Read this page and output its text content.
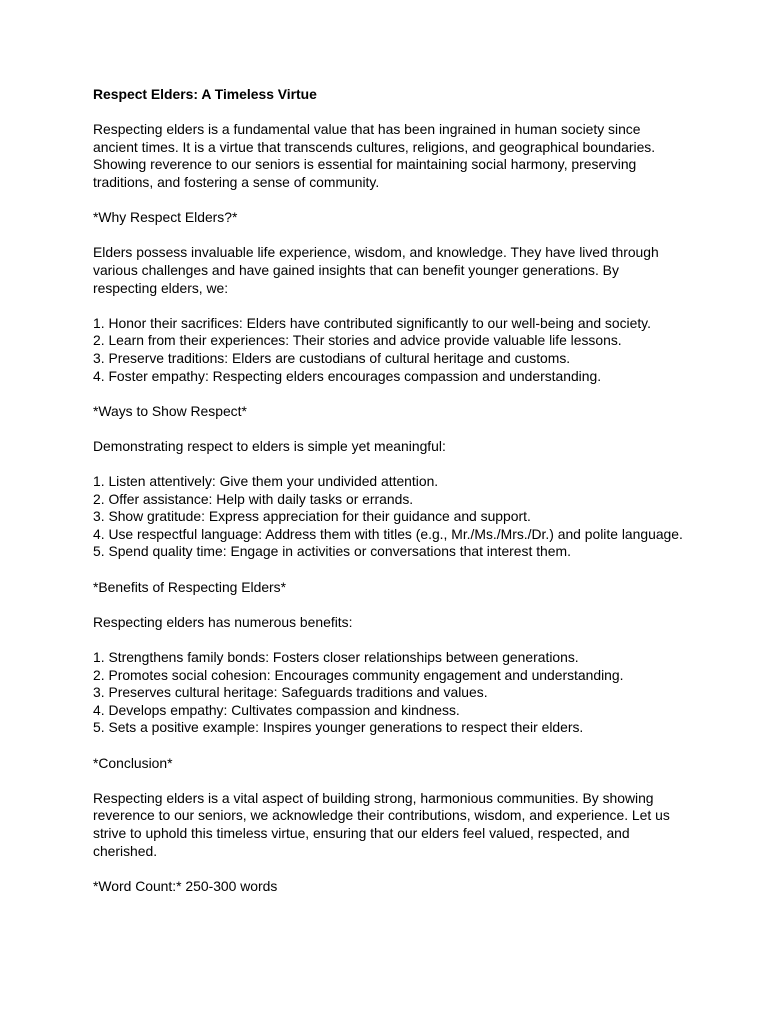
Respect Elders: A Timeless Virtue
Respecting elders is a fundamental value that has been ingrained in human society since ancient times. It is a virtue that transcends cultures, religions, and geographical boundaries. Showing reverence to our seniors is essential for maintaining social harmony, preserving traditions, and fostering a sense of community.
*Why Respect Elders?*
Elders possess invaluable life experience, wisdom, and knowledge. They have lived through various challenges and have gained insights that can benefit younger generations. By respecting elders, we:
1. Honor their sacrifices: Elders have contributed significantly to our well-being and society.
2. Learn from their experiences: Their stories and advice provide valuable life lessons.
3. Preserve traditions: Elders are custodians of cultural heritage and customs.
4. Foster empathy: Respecting elders encourages compassion and understanding.
*Ways to Show Respect*
Demonstrating respect to elders is simple yet meaningful:
1. Listen attentively: Give them your undivided attention.
2. Offer assistance: Help with daily tasks or errands.
3. Show gratitude: Express appreciation for their guidance and support.
4. Use respectful language: Address them with titles (e.g., Mr./Ms./Mrs./Dr.) and polite language.
5. Spend quality time: Engage in activities or conversations that interest them.
*Benefits of Respecting Elders*
Respecting elders has numerous benefits:
1. Strengthens family bonds: Fosters closer relationships between generations.
2. Promotes social cohesion: Encourages community engagement and understanding.
3. Preserves cultural heritage: Safeguards traditions and values.
4. Develops empathy: Cultivates compassion and kindness.
5. Sets a positive example: Inspires younger generations to respect their elders.
*Conclusion*
Respecting elders is a vital aspect of building strong, harmonious communities. By showing reverence to our seniors, we acknowledge their contributions, wisdom, and experience. Let us strive to uphold this timeless virtue, ensuring that our elders feel valued, respected, and cherished.
*Word Count:* 250-300 words
